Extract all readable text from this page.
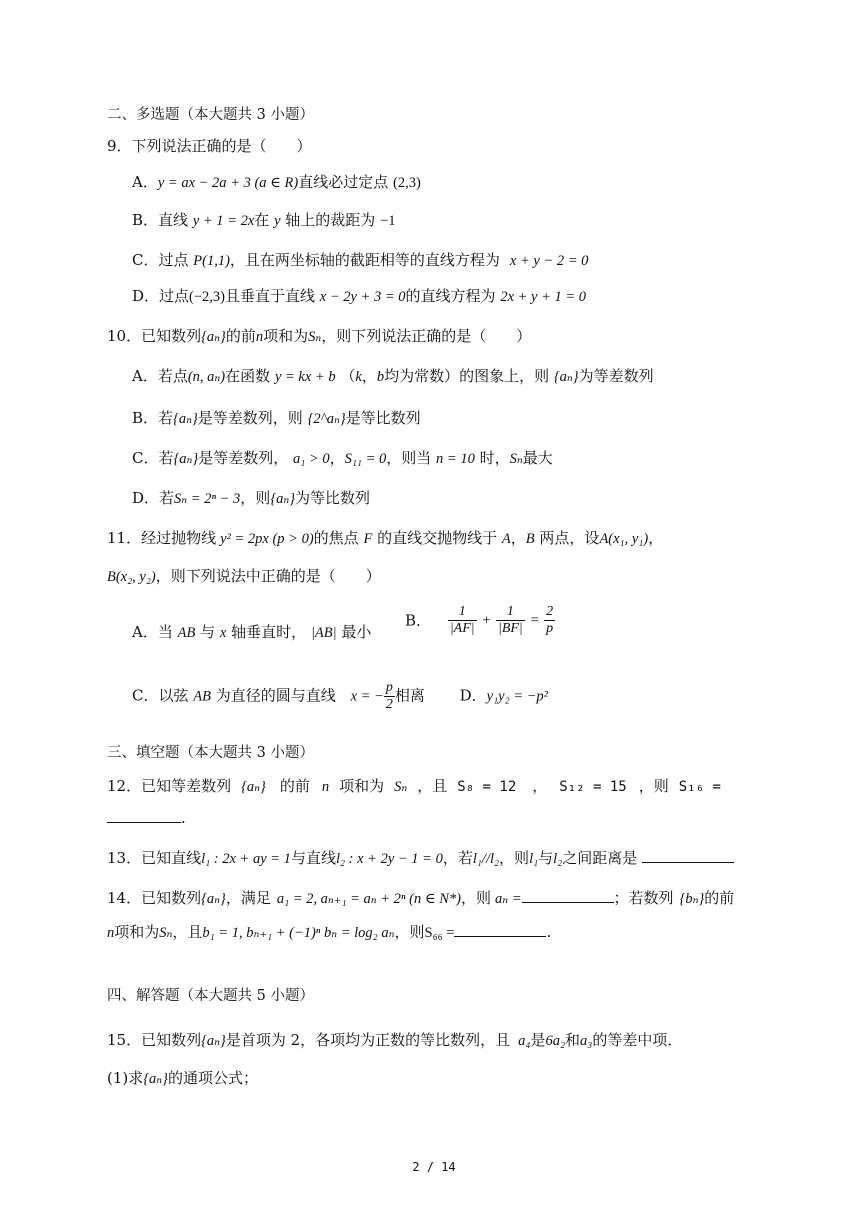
二、多选题（本大题共 3 小题）
9．下列说法正确的是（　　）
A．y = ax − 2a + 3 (a ∈ R)直线必过定点 (2,3)
B．直线 y + 1 = 2x在 y 轴上的裁距为 −1
C．过点 P(1,1)，且在两坐标轴的截距相等的直线方程为 x + y − 2 = 0
D．过点(−2,3)且垂直于直线 x − 2y + 3 = 0的直线方程为 2x + y + 1 = 0
10．已知数列{aₙ}的前n项和为Sₙ，则下列说法正确的是（　　）
A．若点(n, aₙ)在函数 y = kx + b （k，b均为常数）的图象上，则 {aₙ}为等差数列
B．若{aₙ}是等差数列，则 {2^aₙ}是等比数列
C．若{aₙ}是等差数列， a₁ > 0，S₁₁ = 0，则当 n = 10 时，Sₙ最大
D．若Sₙ = 2ⁿ − 3，则{aₙ}为等比数列
11．经过抛物线 y² = 2px (p > 0)的焦点 F 的直线交抛物线于 A，B 两点，设A(x₁, y₁)，
B(x₂, y₂)，则下列说法中正确的是（　　）
A．当 AB 与 x 轴垂直时， |AB| 最小
B． $\frac{1}{|AF|} + \frac{1}{|BF|} = \frac{2}{p}$
C．以弦 AB 为直径的圆与直线 x = − $\frac{p}{2}$ 相离 D．y₁y₂ = −p²
三、填空题（本大题共 3 小题）
12．已知等差数列 {aₙ} 的前 n 项和为 Sₙ ，且 S₈ = 12 ， S₁₂ = 15 ，则 S₁₆ =
.
13．已知直线l₁ : 2x + ay = 1与直线l₂ : x + 2y − 1 = 0，若l₁//l₂，则l₁与l₂之间距离是
14．已知数列{aₙ}，满足 a₁ = 2, aₙ₊₁ = aₙ + 2ⁿ (n ∈ N*)，则 aₙ =	；若数列 {bₙ}的前
n项和为Sₙ，且b₁ = 1, bₙ₊₁ + (−1)ⁿ bₙ = log₂ aₙ，则S₆₆ =	.
四、解答题（本大题共 5 小题）
15．已知数列{aₙ}是首项为 2，各项均为正数的等比数列，且 a₄是6a₂和a₃的等差中项．
(1)求{aₙ}的通项公式；
2 / 14
